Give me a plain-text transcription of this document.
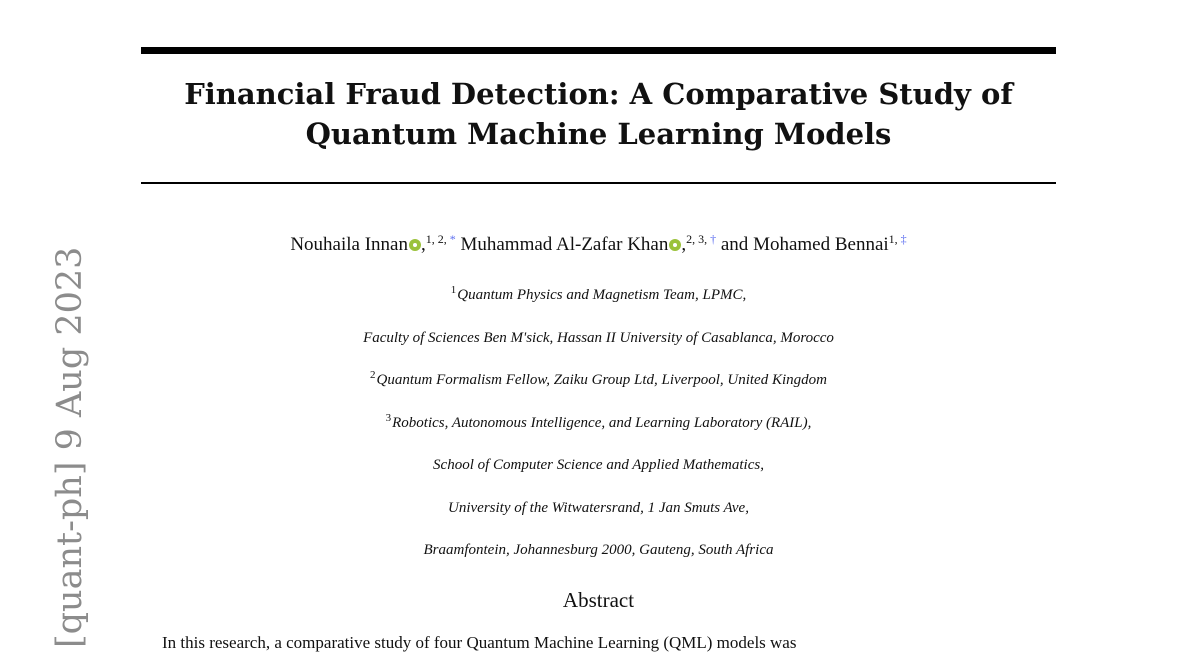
[quant-ph] 9 Aug 2023
Financial Fraud Detection: A Comparative Study of
Quantum Machine Learning Models
Nouhaila Innan ,$^{1, 2, *}$ Muhammad Al-Zafar Khan ,$^{2, 3, \dagger}$ and Mohamed Bennai$^{1, \ddagger}$
$^1$Quantum Physics and Magnetism Team, LPMC,
Faculty of Sciences Ben M'sick, Hassan II University of Casablanca, Morocco
$^2$Quantum Formalism Fellow, Zaiku Group Ltd, Liverpool, United Kingdom
$^3$Robotics, Autonomous Intelligence, and Learning Laboratory (RAIL),
School of Computer Science and Applied Mathematics,
University of the Witwatersrand, 1 Jan Smuts Ave,
Braamfontein, Johannesburg 2000, Gauteng, South Africa
Abstract
In this research, a comparative study of four Quantum Machine Learning (QML) models was
